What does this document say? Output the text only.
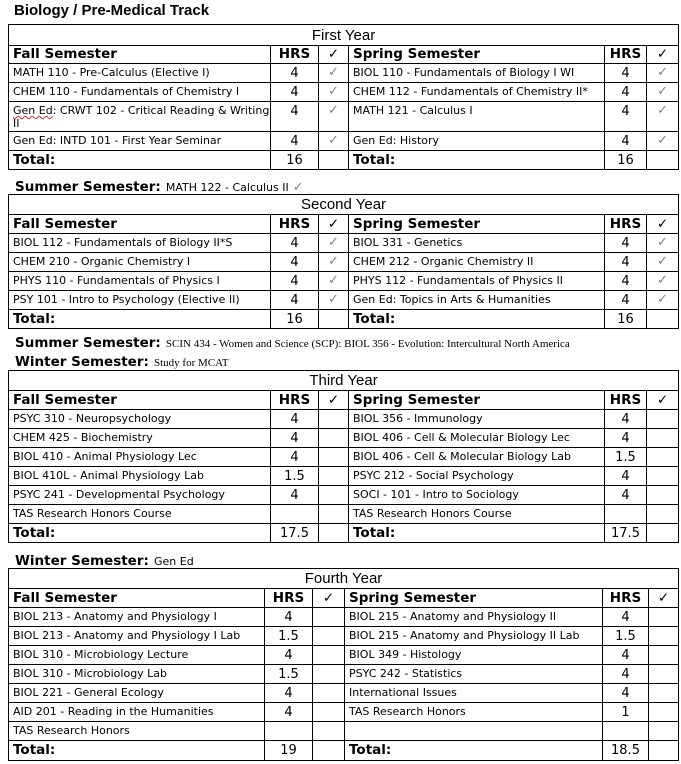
Biology / Pre-Medical Track
First Year					
Fall Semester	HRS	✓	Spring Semester	HRS	✓
MATH 110 - Pre-Calculus (Elective I)	4	✓	BIOL 110 - Fundamentals of Biology I WI	4	✓
CHEM 110 - Fundamentals of Chemistry I	4	✓	CHEM 112 - Fundamentals of Chemistry II*	4	✓
Gen Ed: CRWT 102 - Critical Reading & Writing II	4	✓	MATH 121 - Calculus I	4	✓
Gen Ed: INTD 101 - First Year Seminar	4	✓	Gen Ed: History	4	✓
Total:	16		Total:	16	
Summer Semester: MATH 122 - Calculus II ✓
Second Year					
Fall Semester	HRS	✓	Spring Semester	HRS	✓
BIOL 112 - Fundamentals of Biology II*S	4	✓	BIOL 331 - Genetics	4	✓
CHEM 210 - Organic Chemistry I	4	✓	CHEM 212 - Organic Chemistry II	4	✓
PHYS 110 - Fundamentals of Physics I	4	✓	PHYS 112 - Fundamentals of Physics II	4	✓
PSY 101 - Intro to Psychology (Elective II)	4	✓	Gen Ed: Topics in Arts & Humanities	4	✓
Total:	16		Total:	16	
Summer Semester: SCIN 434 - Women and Science (SCP): BIOL 356 - Evolution: Intercultural North America
Winter Semester: Study for MCAT
Third Year					
Fall Semester	HRS	✓	Spring Semester	HRS	✓
PSYC 310 - Neuropsychology	4		BIOL 356 - Immunology	4	
CHEM 425 - Biochemistry	4		BIOL 406 - Cell & Molecular Biology Lec	4	
BIOL 410 - Animal Physiology Lec	4		BIOL 406 - Cell & Molecular Biology Lab	1.5	
BIOL 410L - Animal Physiology Lab	1.5		PSYC 212 - Social Psychology	4	
PSYC 241 - Developmental Psychology	4		SOCI - 101 - Intro to Sociology	4	
TAS Research Honors Course			TAS Research Honors Course		
Total:	17.5		Total:	17.5	
Winter Semester: Gen Ed
Fourth Year					
Fall Semester	HRS	✓	Spring Semester	HRS	✓
BIOL 213 - Anatomy and Physiology I	4		BIOL 215 - Anatomy and Physiology II	4	
BIOL 213 - Anatomy and Physiology I Lab	1.5		BIOL 215 - Anatomy and Physiology II Lab	1.5	
BIOL 310 - Microbiology Lecture	4		BIOL 349 - Histology	4	
BIOL 310 - Microbiology Lab	1.5		PSYC 242 - Statistics	4	
BIOL 221 - General Ecology	4		International Issues	4	
AID 201 - Reading in the Humanities	4		TAS Research Honors	1	
TAS Research Honors					
Total:	19		Total:	18.5	
